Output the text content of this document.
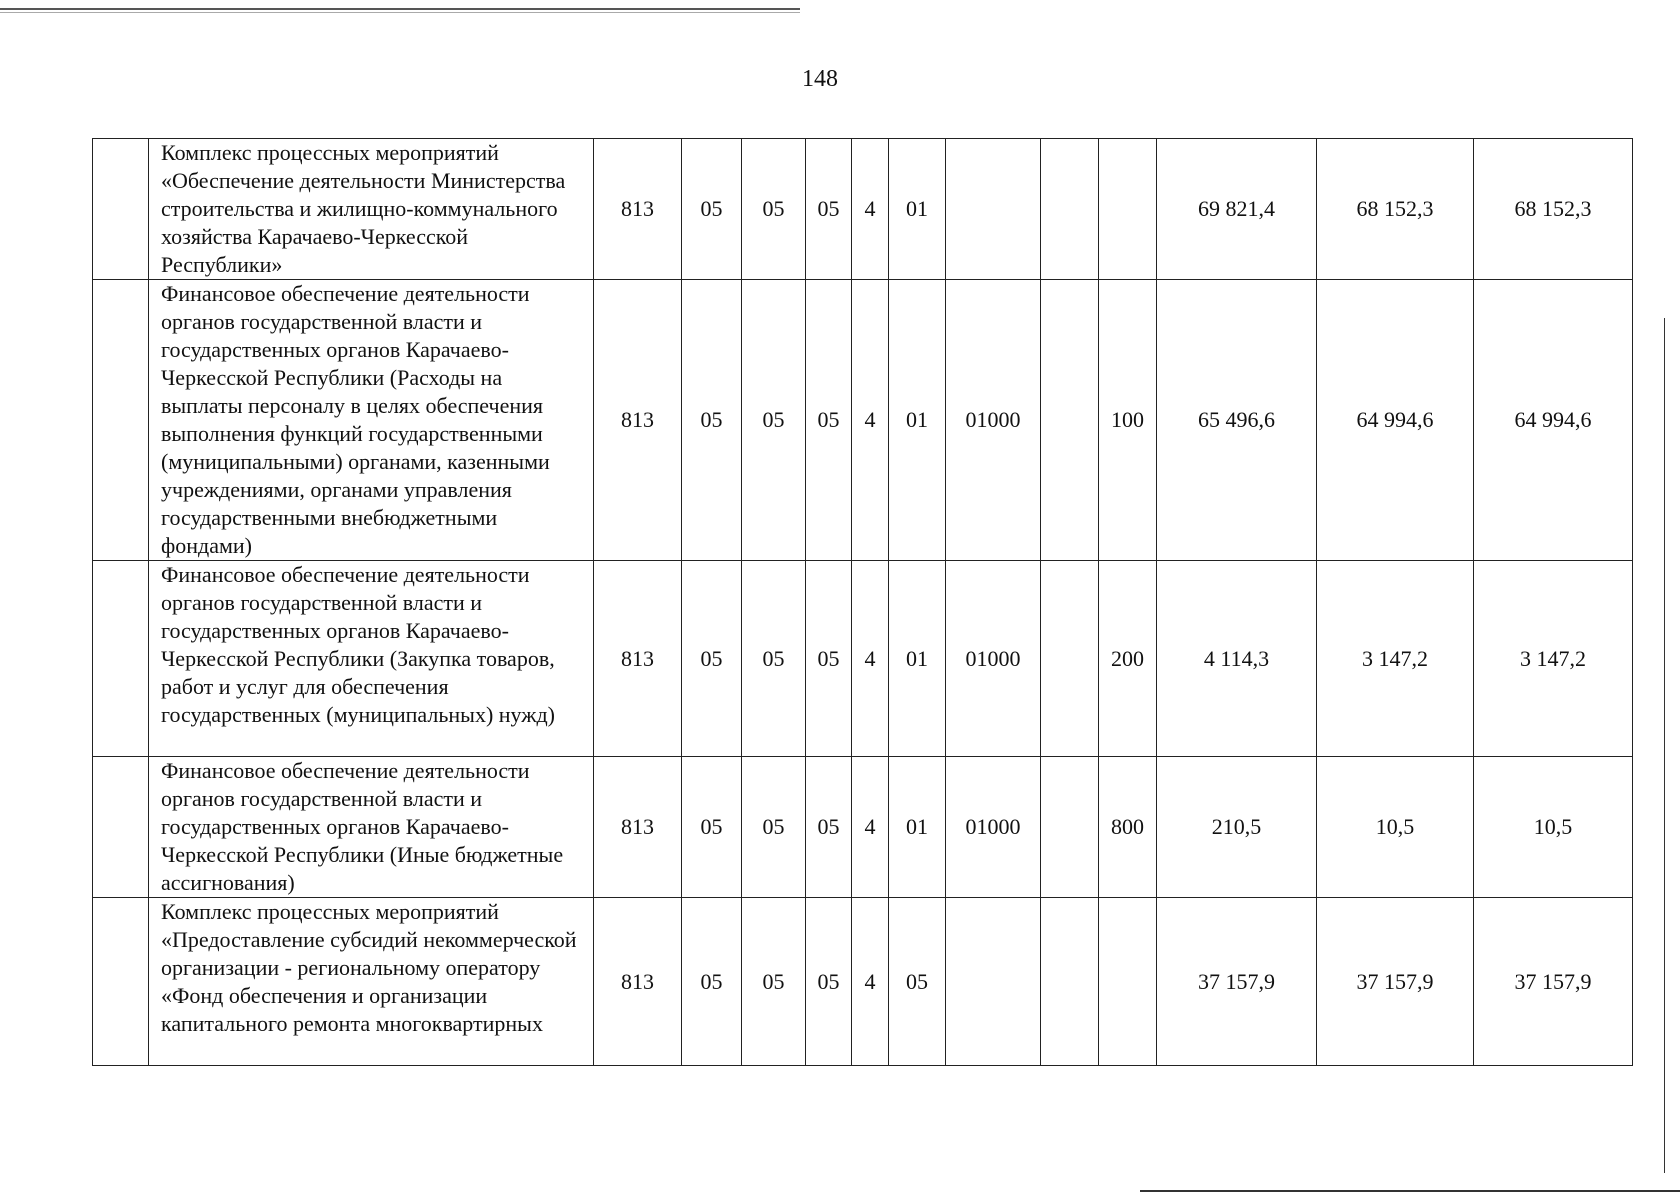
148
	Комплекс процессных мероприятий «Обеспечение деятельности Министерства строительства и жилищно-коммунального хозяйства Карачаево-Черкесской Республики»	813	05	05	05	4	01				69 821,4	68 152,3	68 152,3
	Финансовое обеспечение деятельности органов государственной власти и государственных органов Карачаево-Черкесской Республики (Расходы на выплаты персоналу в целях обеспечения выполнения функций государственными (муниципальными) органами, казенными учреждениями, органами управления государственными внебюджетными фондами)	813	05	05	05	4	01	01000		100	65 496,6	64 994,6	64 994,6
	Финансовое обеспечение деятельности органов государственной власти и государственных органов Карачаево-Черкесской Республики (Закупка товаров, работ и услуг для обеспечения государственных (муниципальных) нужд)	813	05	05	05	4	01	01000		200	4 114,3	3 147,2	3 147,2
	Финансовое обеспечение деятельности органов государственной власти и государственных органов Карачаево-Черкесской Республики (Иные бюджетные ассигнования)	813	05	05	05	4	01	01000		800	210,5	10,5	10,5
	Комплекс процессных мероприятий «Предоставление субсидий некоммерческой организации - региональному оператору «Фонд обеспечения и организации капитального ремонта многоквартирных	813	05	05	05	4	05				37 157,9	37 157,9	37 157,9
